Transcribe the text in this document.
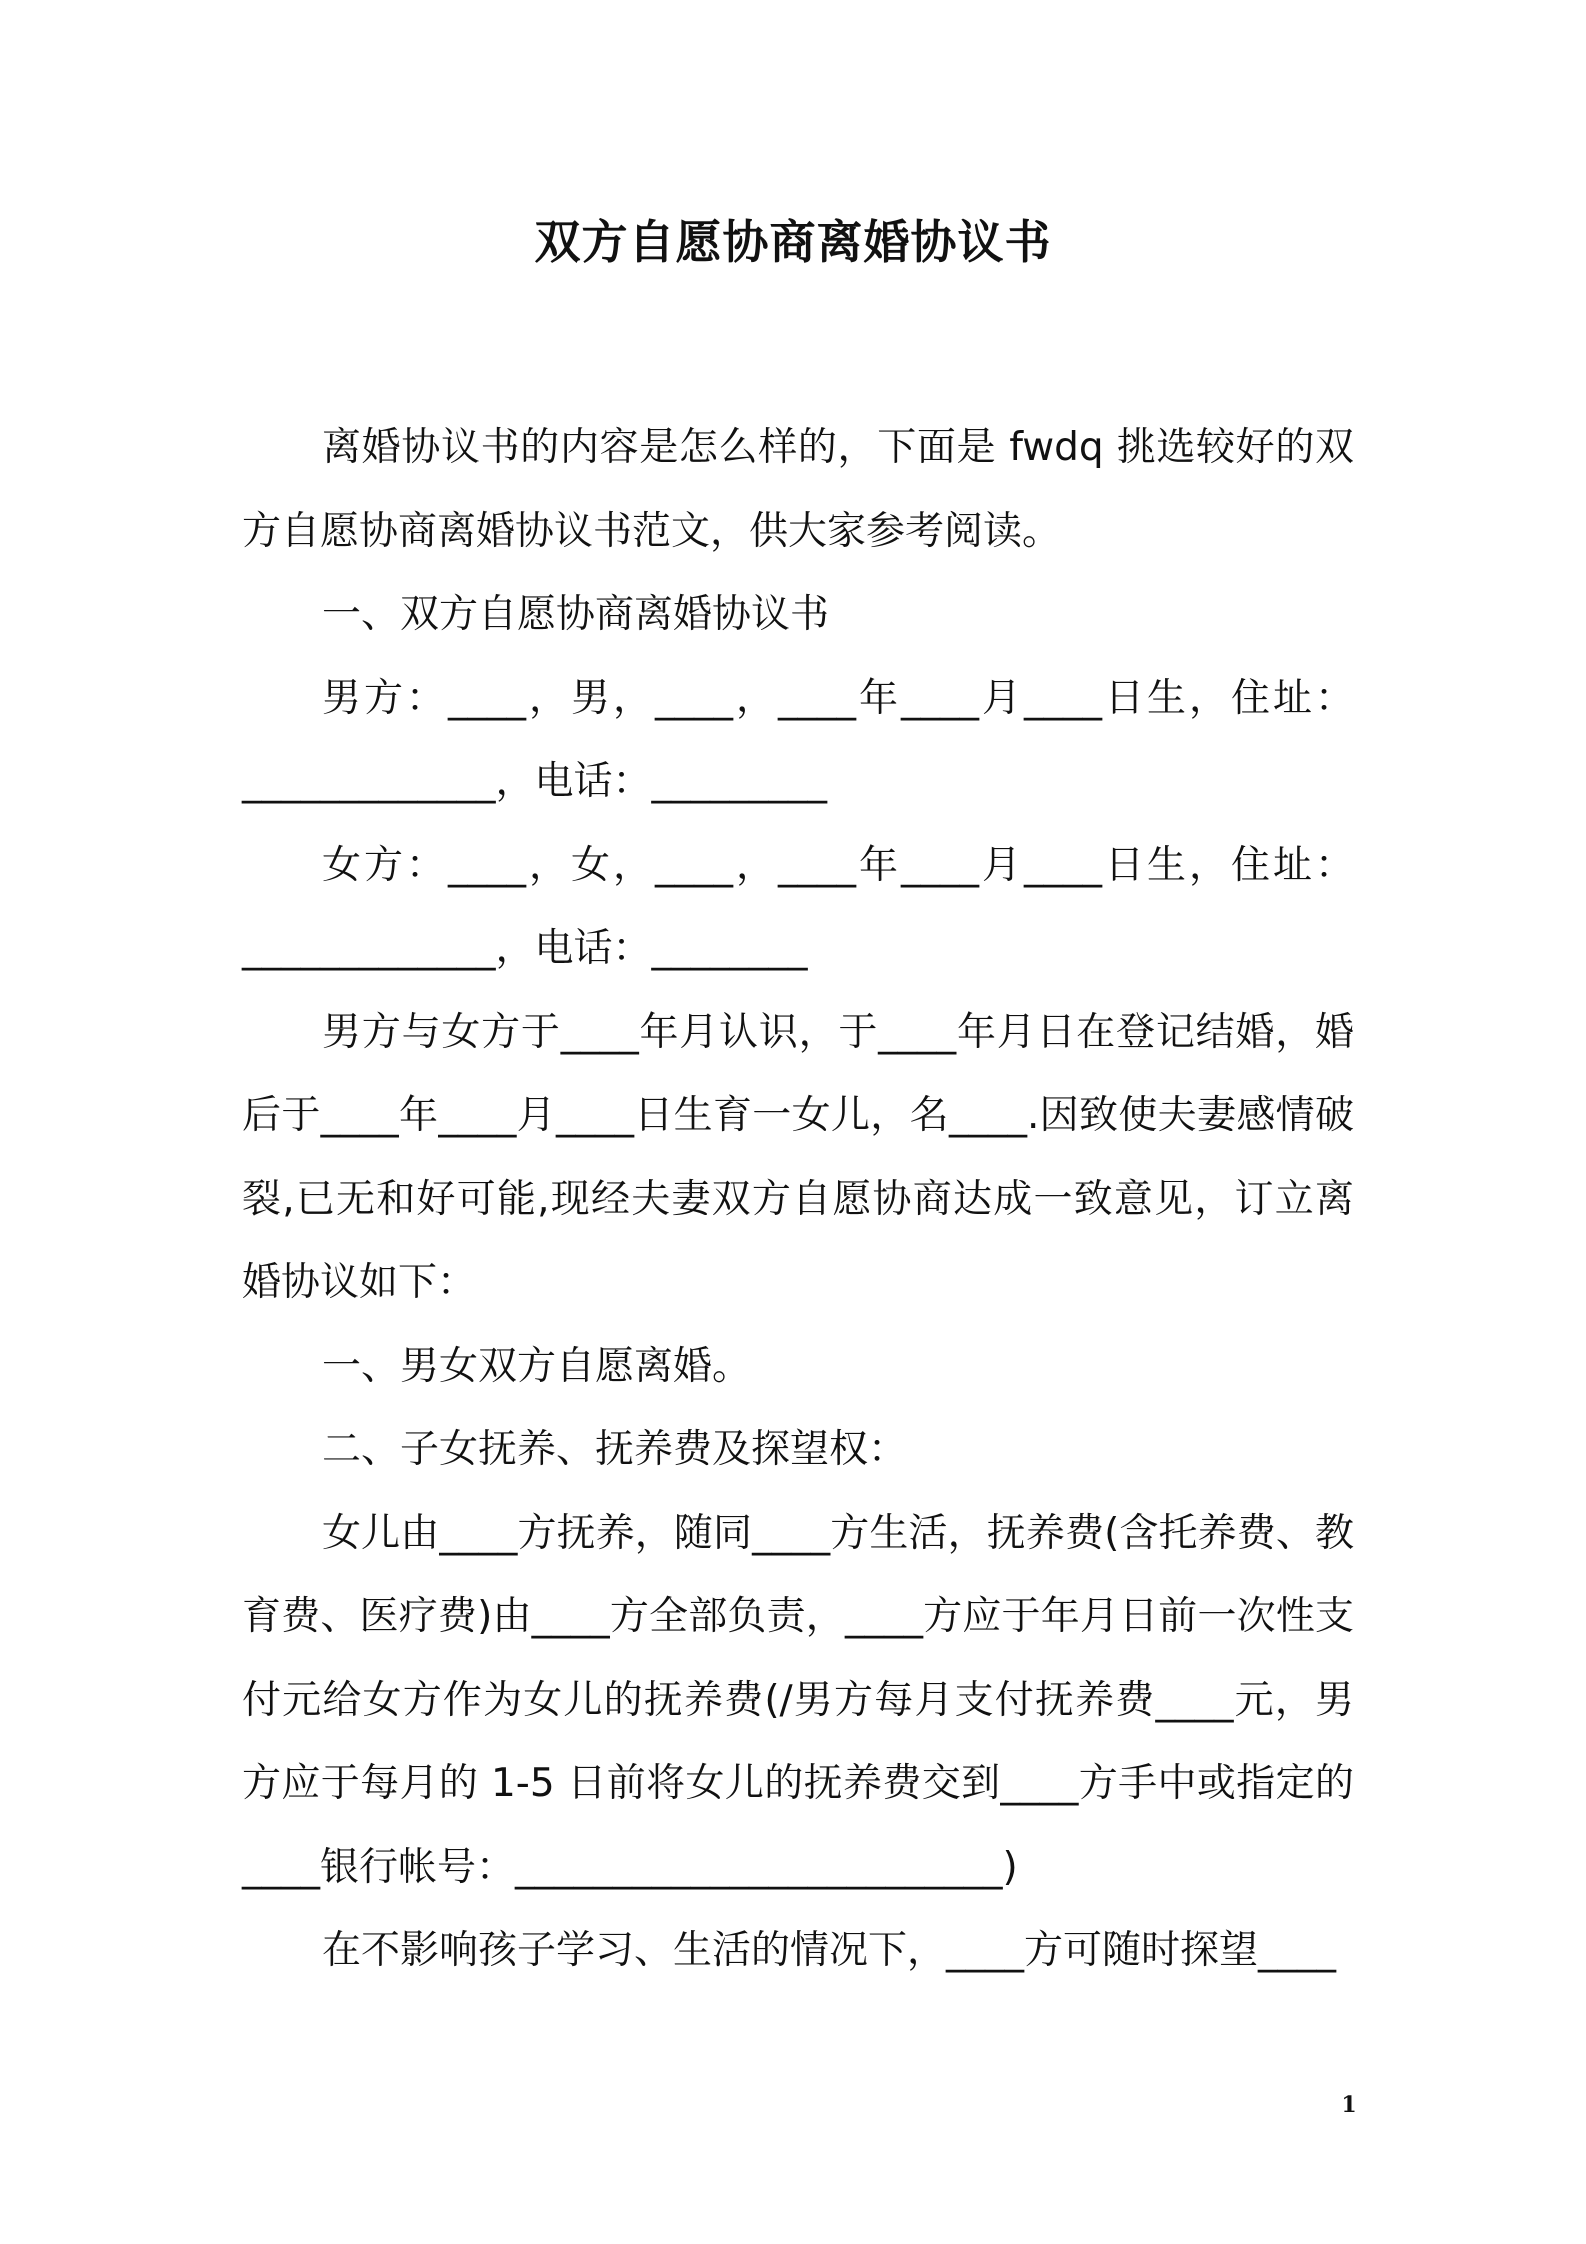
双方自愿协商离婚协议书

离婚协议书的内容是怎么样的，下面是 fwdq 挑选较好的双方自愿协商离婚协议书范文，供大家参考阅读。

一、双方自愿协商离婚协议书

男方：____，男，____，____年____月____日生，住址：_____________，电话：_________

女方：____，女，____，____年____月____日生，住址：_____________，电话：________

男方与女方于____年月认识，于____年月日在登记结婚，婚后于____年____月____日生育一女儿，名____.因致使夫妻感情破裂,已无和好可能,现经夫妻双方自愿协商达成一致意见，订立离婚协议如下：

一、男女双方自愿离婚。

二、子女抚养、抚养费及探望权：

女儿由____方抚养，随同____方生活，抚养费(含托养费、教育费、医疗费)由____方全部负责，____方应于年月日前一次性支付元给女方作为女儿的抚养费(/男方每月支付抚养费____元，男方应于每月的 1-5 日前将女儿的抚养费交到____方手中或指定的____银行帐号：_________________________)

在不影响孩子学习、生活的情况下，____方可随时探望____

1
